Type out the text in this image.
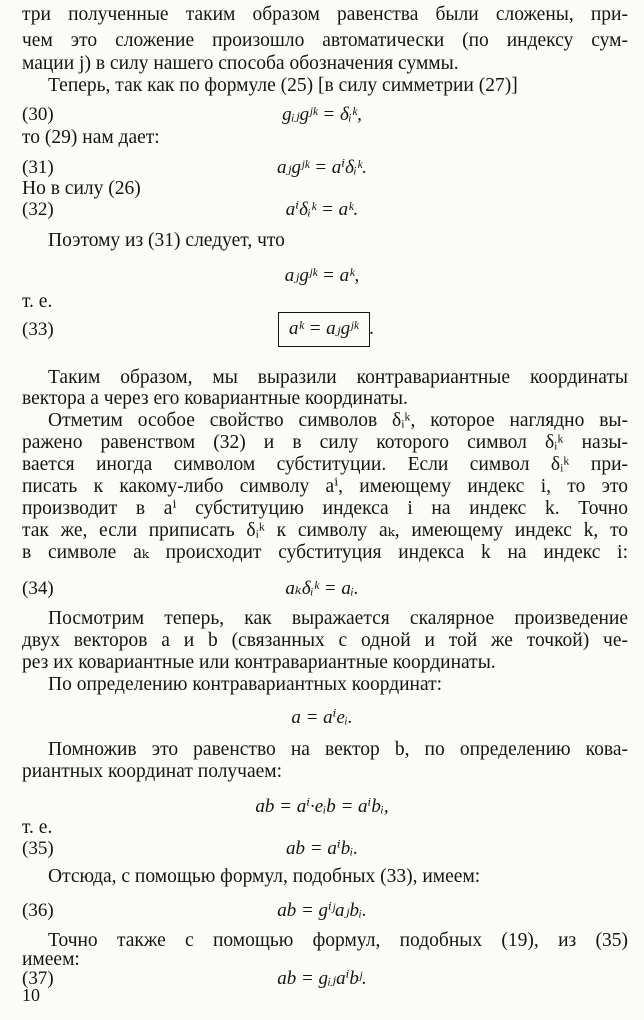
три полученные таким образом равенства были сложены, при-
чем это сложение произошло автоматически (по индексу сум-
мации j) в силу нашего способа обозначения суммы.
Теперь, так как по формуле (25) [в силу симметрии (27)]
(30)	gᵢⱼgʲᵏ = δᵢᵏ,
то (29) нам дает:
(31)	aⱼgʲᵏ = aⁱδᵢᵏ.
Но в силу (26)
(32)	aⁱδᵢᵏ = aᵏ.
Поэтому из (31) следует, что
aⱼgʲᵏ = aᵏ,
т. е.
(33)	aᵏ = aⱼgʲᵏ .
Таким образом, мы выразили контравариантные координаты
вектора a через его ковариантные координаты.
Отметим особое свойство символов δᵢᵏ, которое наглядно вы-
ражено равенством (32) и в силу которого символ δᵢᵏ назы-
вается иногда символом субституции. Если символ δᵢᵏ при-
писать к какому-либо символу aⁱ, имеющему индекс i, то это
производит в aⁱ субституцию индекса i на индекс k. Точно
так же, если приписать δᵢᵏ к символу aₖ, имеющему индекс k, то
в символе aₖ происходит субституция индекса k на индекс i:
(34)	aₖδᵢᵏ = aᵢ.
Посмотрим теперь, как выражается скалярное произведение
двух векторов a и b (связанных с одной и той же точкой) че-
рез их ковариантные или контравариантные координаты.
По определению контравариантных координат:
a = aⁱeᵢ.
Помножив это равенство на вектор b, по определению кова-
риантных координат получаем:
ab = aⁱ·eᵢb = aⁱbᵢ,
т. е.
(35)	ab = aⁱbᵢ.
Отсюда, с помощью формул, подобных (33), имеем:
(36)	ab = gⁱʲaⱼbᵢ.
Точно также с помощью формул, подобных (19), из (35)
имеем:
(37)	ab = gᵢⱼaⁱbʲ.
10
